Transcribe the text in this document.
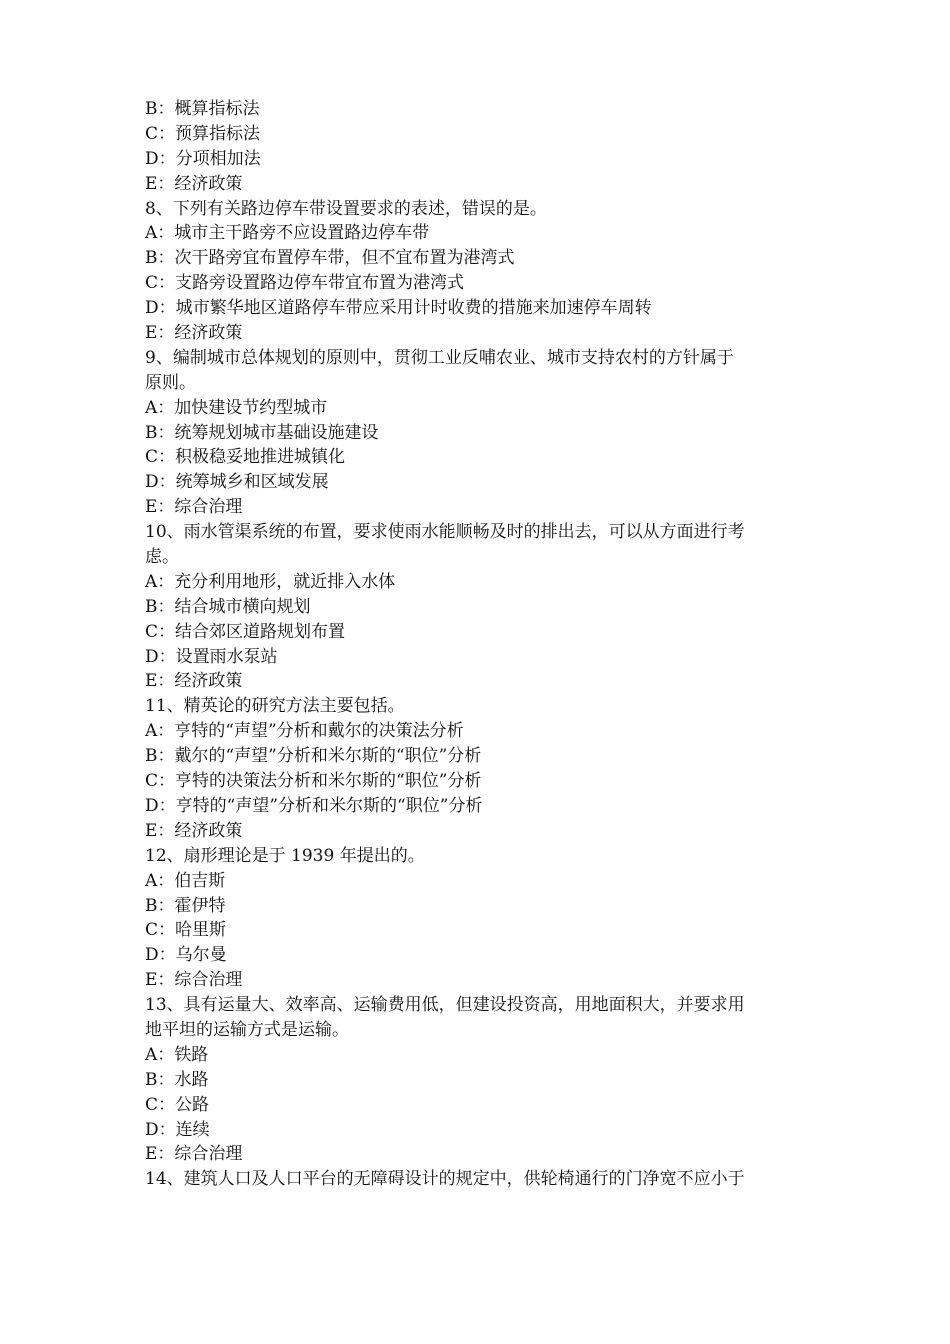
B：概算指标法
C：预算指标法
D：分项相加法
E：经济政策
8、下列有关路边停车带设置要求的表述，错误的是。
A：城市主干路旁不应设置路边停车带
B：次干路旁宜布置停车带，但不宜布置为港湾式
C：支路旁设置路边停车带宜布置为港湾式
D：城市繁华地区道路停车带应采用计时收费的措施来加速停车周转
E：经济政策
9、编制城市总体规划的原则中，贯彻工业反哺农业、城市支持农村的方针属于
原则。
A：加快建设节约型城市
B：统筹规划城市基础设施建设
C：积极稳妥地推进城镇化
D：统筹城乡和区域发展
E：综合治理
10、雨水管渠系统的布置，要求使雨水能顺畅及时的排出去，可以从方面进行考
虑。
A：充分利用地形，就近排入水体
B：结合城市横向规划
C：结合郊区道路规划布置
D：设置雨水泵站
E：经济政策
11、精英论的研究方法主要包括。
A：亨特的“声望”分析和戴尔的决策法分析
B：戴尔的“声望”分析和米尔斯的“职位”分析
C：亨特的决策法分析和米尔斯的“职位”分析
D：亨特的“声望”分析和米尔斯的“职位”分析
E：经济政策
12、扇形理论是于 1939 年提出的。
A：伯吉斯
B：霍伊特
C：哈里斯
D：乌尔曼
E：综合治理
13、具有运量大、效率高、运输费用低，但建设投资高，用地面积大，并要求用
地平坦的运输方式是运输。
A：铁路
B：水路
C：公路
D：连续
E：综合治理
14、建筑人口及人口平台的无障碍设计的规定中，供轮椅通行的门净宽不应小于
